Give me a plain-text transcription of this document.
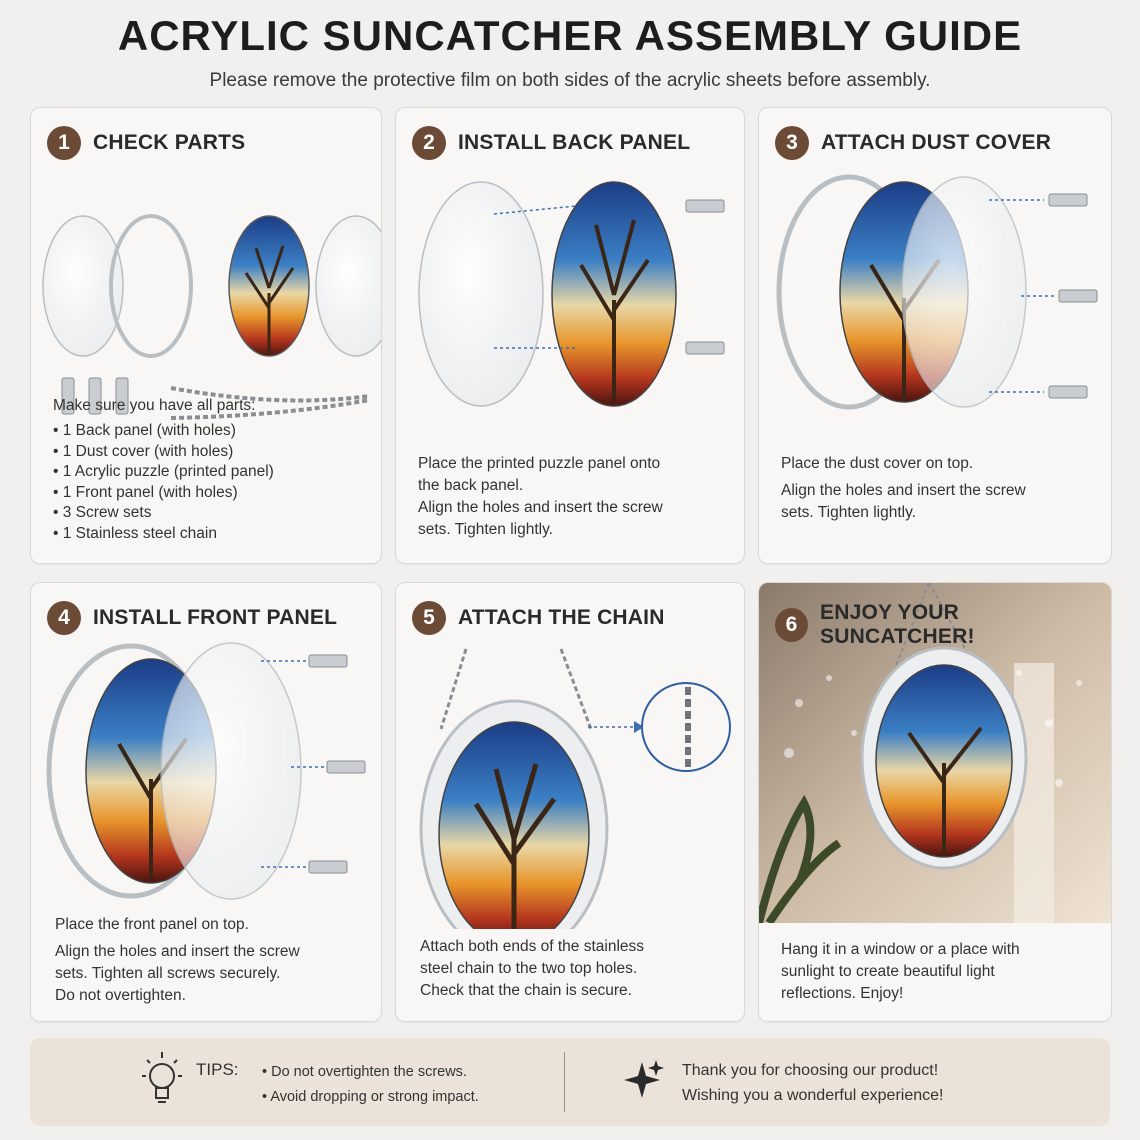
ACRYLIC SUNCATCHER ASSEMBLY GUIDE
Please remove the protective film on both sides of the acrylic sheets before assembly.
1	CHECK PARTS

Make sure you have all parts:

• 1 Back panel (with holes)
• 1 Dust cover (with holes)
• 1 Acrylic puzzle (printed panel)
• 1 Front panel (with holes)
• 3 Screw sets
• 1 Stainless steel chain
2	INSTALL BACK PANEL

Place the printed puzzle panel onto

the back panel.

Align the holes and insert the screw

sets. Tighten lightly.

3	ATTACH DUST COVER

Place the dust cover on top.

Align the holes and insert the screw

sets. Tighten lightly.

4	INSTALL FRONT PANEL

Place the front panel on top.

Align the holes and insert the screw

sets. Tighten all screws securely.

Do not overtighten.

5	ATTACH THE CHAIN

Attach both ends of the stainless

steel chain to the two top holes.

Check that the chain is secure.

6
ENJOY YOUR SUNCATCHER!

Hang it in a window or a place with

sunlight to create beautiful light

reflections. Enjoy!

TIPS:
•	Do not overtighten the screws.
• Avoid dropping or strong impact.
Thank you for choosing our product!
Wishing you a wonderful experience!
